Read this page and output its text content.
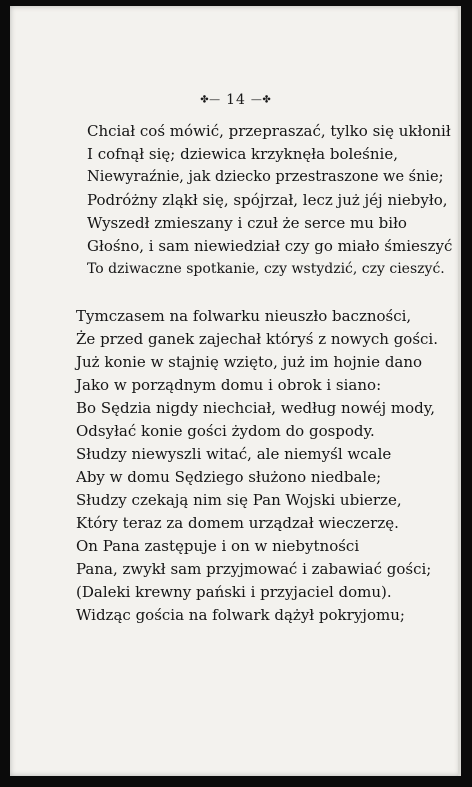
✤― 14 ―✤
Chciał coś mówić, przepraszać, tylko się ukłonił
I cofnął się; dziewica krzyknęła boleśnie,
Niewyraźnie, jak dziecko przestraszone we śnie;
Podróżny zląkł się, spójrzał, lecz już jéj niebyło,
Wyszedł zmieszany i czuł że serce mu biło
Głośno, i sam niewiedział czy go miało śmieszyć
To dziwaczne spotkanie, czy wstydzić, czy cieszyć.
Tymczasem na folwarku nieuszło baczności,
Że przed ganek zajechał któryś z nowych gości.
Już konie w stajnię wzięto, już im hojnie dano
Jako w porządnym domu i obrok i siano:
Bo Sędzia nigdy niechciał, według nowéj mody,
Odsyłać konie gości żydom do gospody.
Słudzy niewyszli witać, ale niemyśl wcale
Aby w domu Sędziego służono niedbale;
Słudzy czekają nim się Pan Wojski ubierze,
Który teraz za domem urządzał wieczerzę.
On Pana zastępuje i on w niebytności
Pana, zwykł sam przyjmować i zabawiać gości;
(Daleki krewny pański i przyjaciel domu).
Widząc gościa na folwark dążył pokryjomu;
